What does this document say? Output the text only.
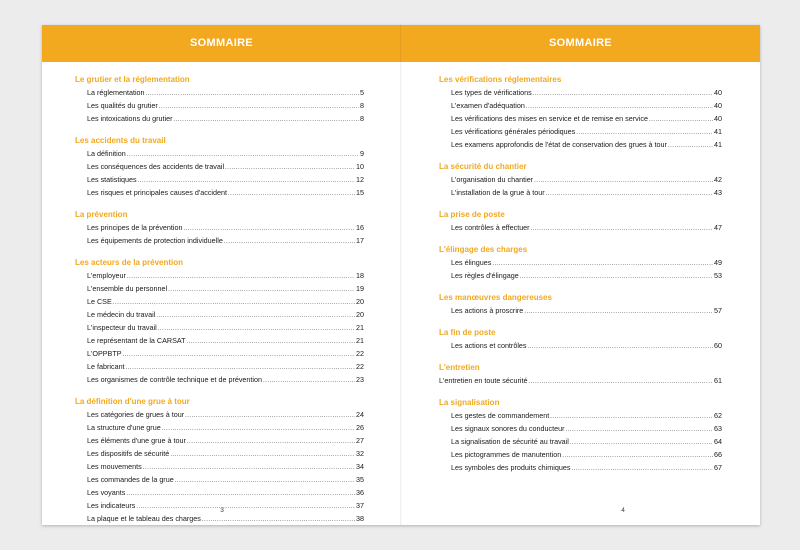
SOMMAIRE
Le grutier et la réglementation
La réglementation .....	5
Les qualités du grutier .....	8
Les intoxications du grutier .....	8
Les accidents du travail
La définition .....	9
Les conséquences des accidents de travail .....	10
Les statistiques .....	12
Les risques et principales causes d'accident .....	15
La prévention
Les principes de la prévention .....	16
Les équipements de protection individuelle .....	17
Les acteurs de la prévention
L'employeur .....	18
L'ensemble du personnel .....	19
Le CSE .....	20
Le médecin du travail .....	20
L'inspecteur du travail .....	21
Le représentant de la CARSAT .....	21
L'OPPBTP .....	22
Le fabricant .....	22
Les organismes de contrôle technique et de prévention .....	23
La définition d'une grue à tour
Les catégories de grues à tour .....	24
La structure d'une grue .....	26
Les éléments d'une grue à tour .....	27
Les dispositifs de sécurité .....	32
Les mouvements .....	34
Les commandes de la grue .....	35
Les voyants .....	36
Les indicateurs .....	37
La plaque et le tableau des charges .....	38
3
SOMMAIRE
Les vérifications réglementaires
Les types de vérifications .....	40
L'examen d'adéquation .....	40
Les vérifications des mises en service et de remise en service .....	40
Les vérifications générales périodiques .....	41
Les examens approfondis de l'état de conservation des grues à tour .....	41
La sécurité du chantier
L'organisation du chantier .....	42
L'installation de la grue à tour .....	43
La prise de poste
Les contrôles à effectuer .....	47
L'élingage des charges
Les élingues .....	49
Les règles d'élingage .....	53
Les manœuvres dangereuses
Les actions à proscrire .....	57
La fin de poste
Les actions et contrôles .....	60
L'entretien
L'entretien en toute sécurité .....	61
La signalisation
Les gestes de commandement .....	62
Les signaux sonores du conducteur .....	63
La signalisation de sécurité au travail .....	64
Les pictogrammes de manutention .....	66
Les symboles des produits chimiques .....	67
4
